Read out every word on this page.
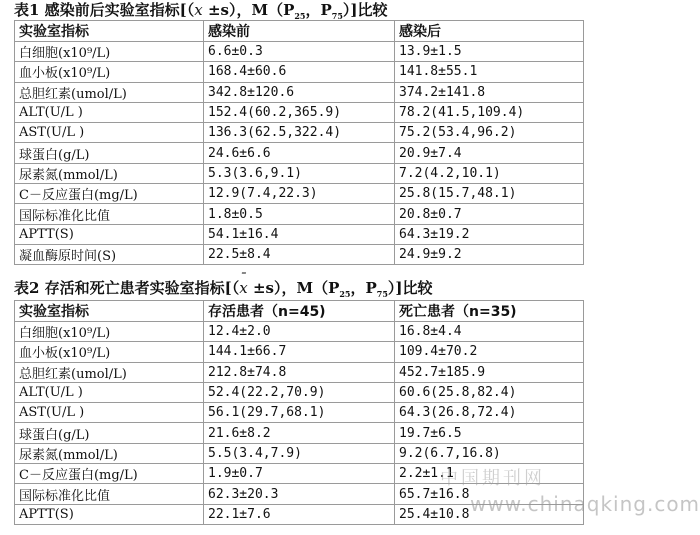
表1 感染前后实验室指标[（¯ x ±s），$M(P_{25}$，$P_{75}$）]比较
实验室指标	感染前	感染后
白细胞(x10⁹/L)	6.6±0.3	13.9±1.5
血小板(x10⁹/L)	168.4±60.6	141.8±55.1
总胆红素(umol/L)	342.8±120.6	374.2±141.8
ALT(U/L )	152.4(60.2,365.9)	78.2(41.5,109.4)
AST(U/L )	136.3(62.5,322.4)	75.2(53.4,96.2)
球蛋白(g/L)	24.6±6.6	20.9±7.4
尿素氮(mmol/L)	5.3(3.6,9.1)	7.2(4.2,10.1)
C－反应蛋白(mg/L)	12.9(7.4,22.3)	25.8(15.7,48.1)
国际标准化比值	1.8±0.5	20.8±0.7
APTT(S)	54.1±16.4	64.3±19.2
凝血酶原时间(S)	22.5±8.4	24.9±9.2
表2 存活和死亡患者实验室指标[（¯ x ±s），$M(P_{25}$，$P_{75}$）]比较
实验室指标	存活患者（n=45)	死亡患者（n=35)
白细胞(x10⁹/L)	12.4±2.0	16.8±4.4
血小板(x10⁹/L)	144.1±66.7	109.4±70.2
总胆红素(umol/L)	212.8±74.8	452.7±185.9
ALT(U/L )	52.4(22.2,70.9)	60.6(25.8,82.4)
AST(U/L )	56.1(29.7,68.1)	64.3(26.8,72.4)
球蛋白(g/L)	21.6±8.2	19.7±6.5
尿素氮(mmol/L)	5.5(3.4,7.9)	9.2(6.7,16.8)
C－反应蛋白(mg/L)	1.9±0.7	2.2±1.1
国际标准化比值	62.3±20.3	65.7±16.8
APTT(S)	22.1±7.6	25.4±10.8
中国期刊网
www.chinaqking.com
